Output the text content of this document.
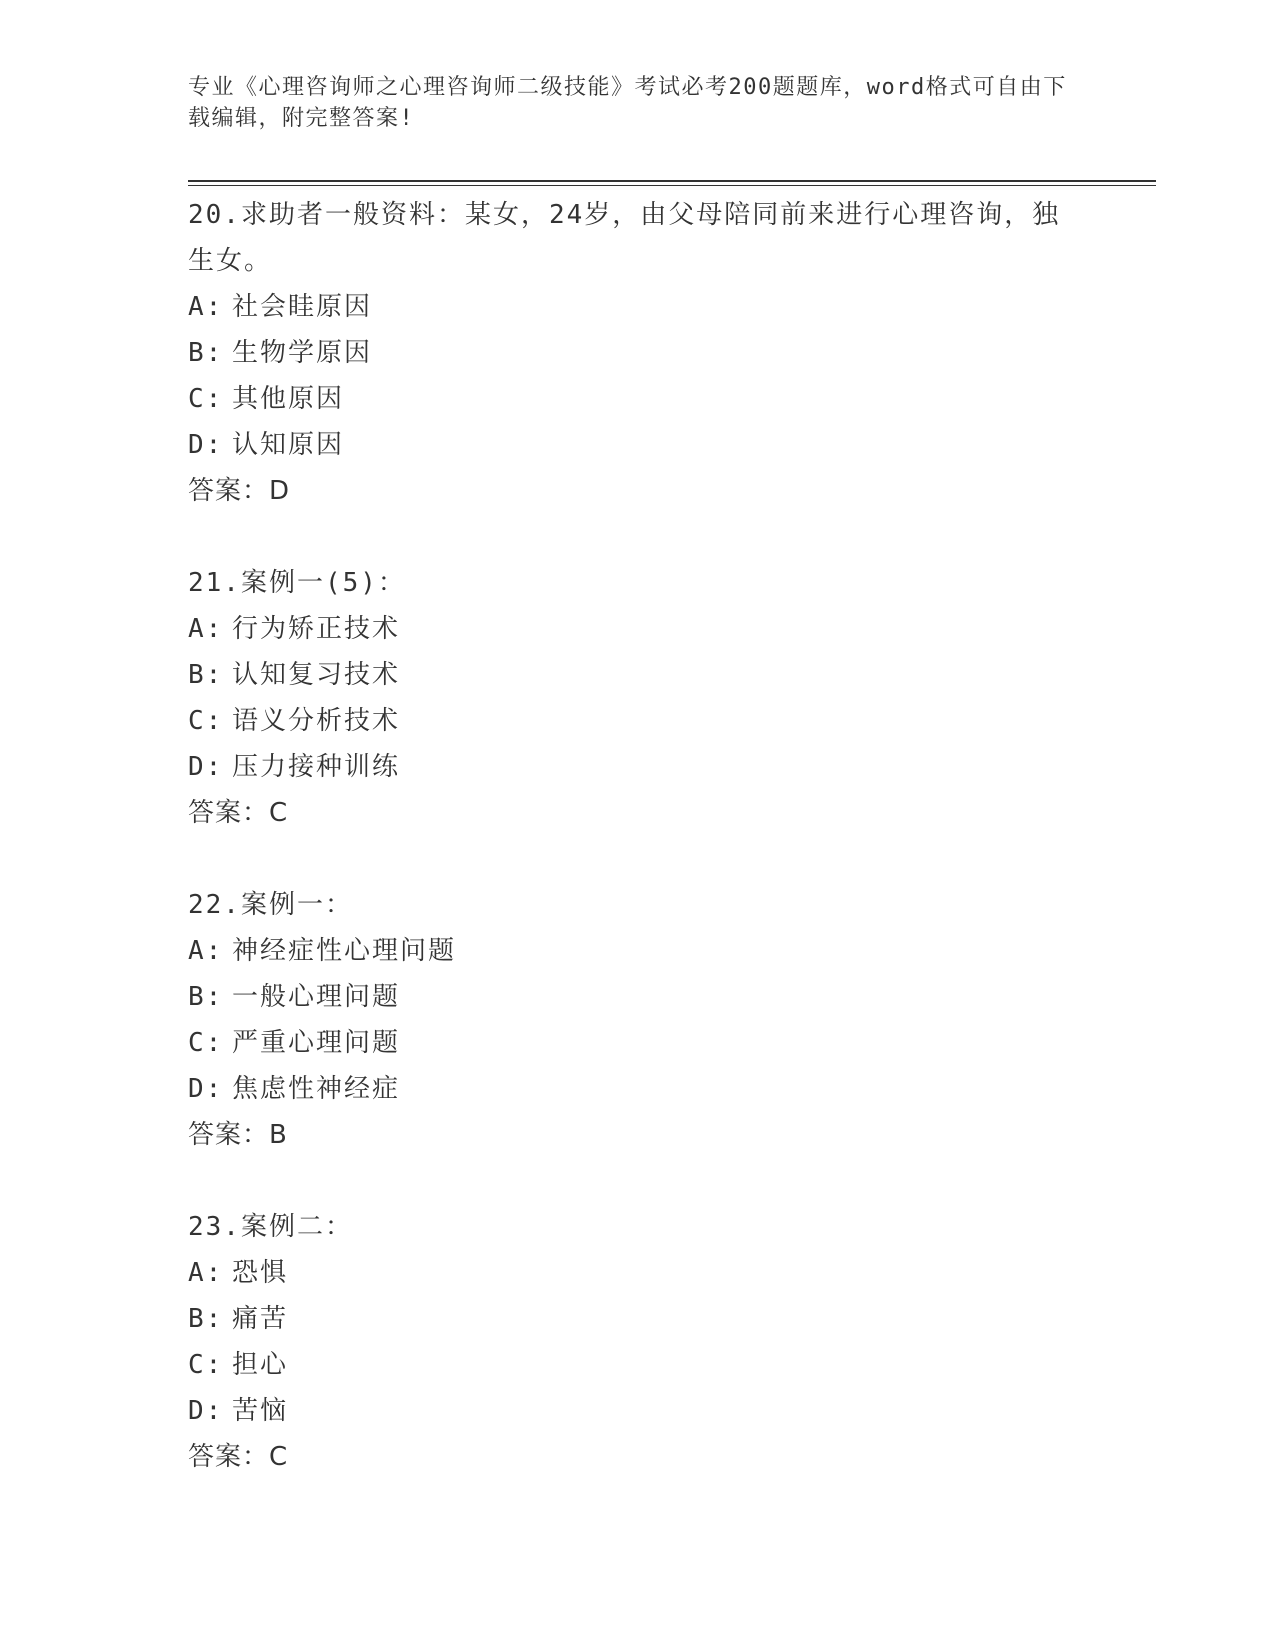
专业《心理咨询师之心理咨询师二级技能》考试必考200题题库，word格式可自由下载编辑，附完整答案!
20.求助者一般资料：某女，24岁，由父母陪同前来进行心理咨询，独生女。
A: 社会眭原因
B: 生物学原因
C: 其他原因
D: 认知原因
答案：D
21.案例一(5)：
A: 行为矫正技术
B: 认知复习技术
C: 语义分析技术
D: 压力接种训练
答案：C
22.案例一：
A: 神经症性心理问题
B: 一般心理问题
C: 严重心理问题
D: 焦虑性神经症
答案：B
23.案例二：
A: 恐惧
B: 痛苦
C: 担心
D: 苦恼
答案：C
